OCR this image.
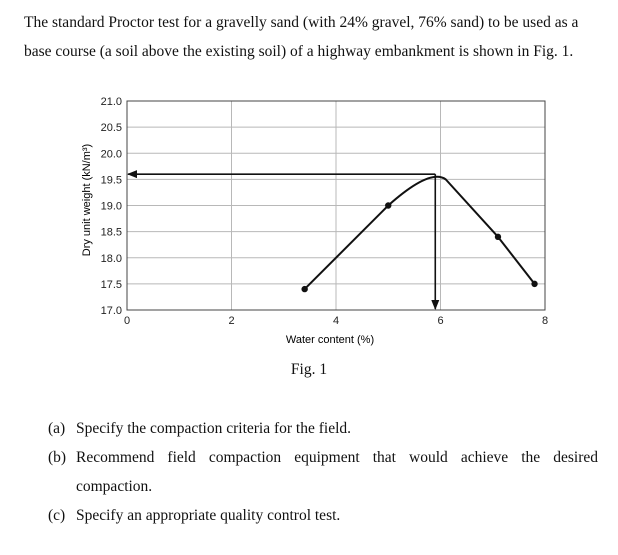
The standard Proctor test for a gravelly sand (with 24% gravel, 76% sand) to be used as a base course (a soil above the existing soil) of a highway embankment is shown in Fig. 1.
17.0
17.5
18.0
18.5
19.0
19.5
20.0
20.5
21.0
0	2	4	6	8
Water content (%)
Dry unit weight (kN/m³)
Fig. 1
(a) Specify the compaction criteria for the field.
(b) Recommend field compaction equipment that would achieve the desired
compaction.
(c) Specify an appropriate quality control test.
